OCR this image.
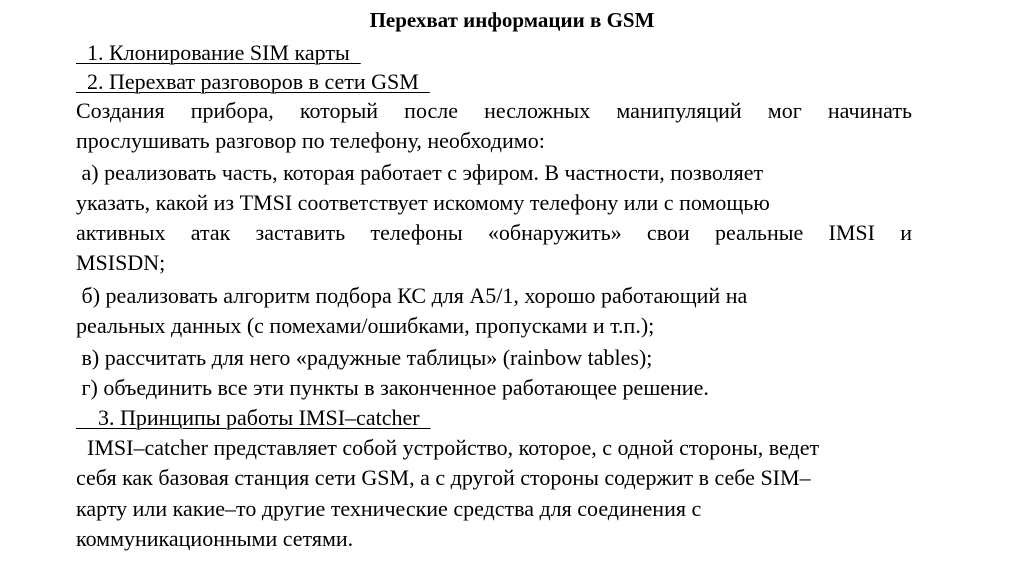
Перехват информации в GSM
1. Клонирование SIM карты
2. Перехват разговоров в сети GSM
Создания прибора, который после несложных манипуляций мог начинать
прослушивать разговор по телефону, необходимо:
а) реализовать часть, которая работает с эфиром. В частности, позволяет
указать, какой из TMSI соответствует искомому телефону или с помощью
активных атак заставить телефоны «обнаружить» свои реальные IMSI и
MSISDN;
б) реализовать алгоритм подбора КС для A5/1, хорошо работающий на
реальных данных (с помехами/ошибками, пропусками и т.п.);
в) рассчитать для него «радужные таблицы» (rainbow tables);
г) объединить все эти пункты в законченное работающее решение.
3. Принципы работы IMSI–catcher
IMSI–catcher представляет собой устройство, которое, с одной стороны, ведет
себя как базовая станция сети GSM, а с другой стороны содержит в себе SIM–
карту или какие–то другие технические средства для соединения с
коммуникационными сетями.
